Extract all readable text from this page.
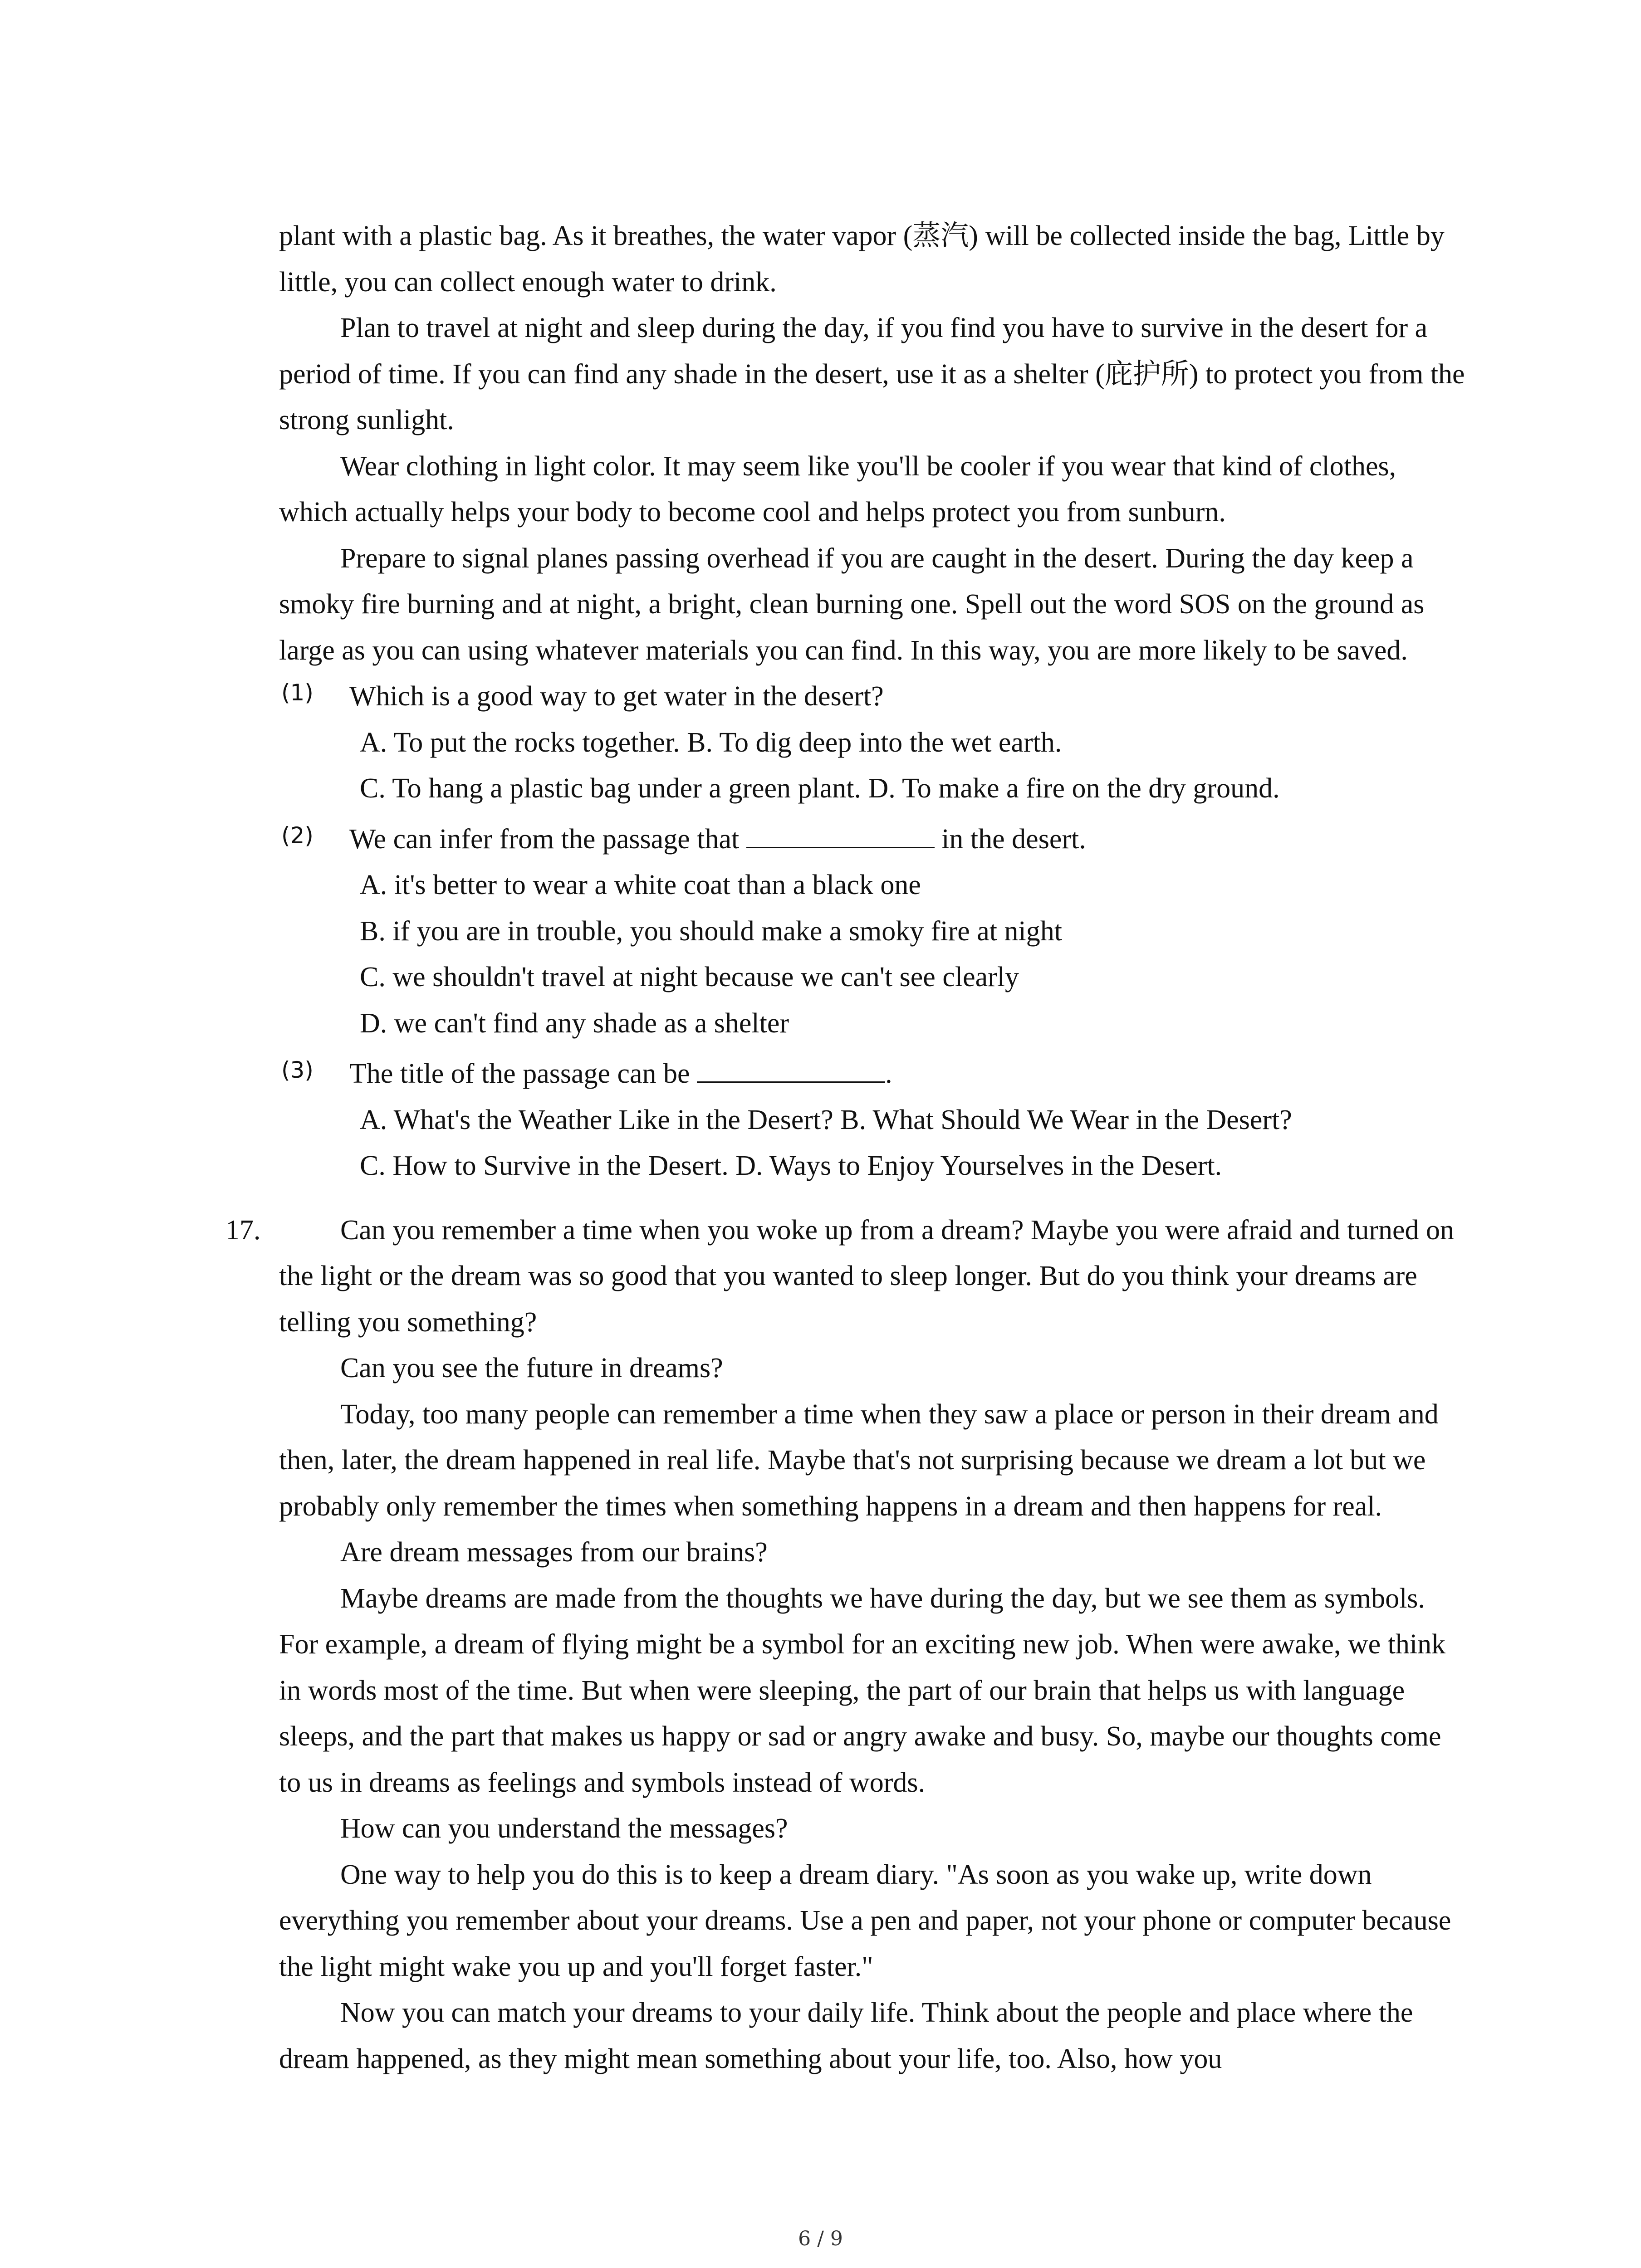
plant with a plastic bag. As it breathes, the water vapor (蒸汽) will be collected inside the bag, Little by little, you can collect enough water to drink.

Plan to travel at night and sleep during the day, if you find you have to survive in the desert for a period of time. If you can find any shade in the desert, use it as a shelter (庇护所) to protect you from the strong sunlight.

Wear clothing in light color. It may seem like you'll be cooler if you wear that kind of clothes, which actually helps your body to become cool and helps protect you from sunburn.

Prepare to signal planes passing overhead if you are caught in the desert. During the day keep a smoky fire burning and at night, a bright, clean burning one. Spell out the word SOS on the ground as large as you can using whatever materials you can find. In this way, you are more likely to be saved.

(1) Which is a good way to get water in the desert?

A. To put the rocks together. B. To dig deep into the wet earth.

C. To hang a plastic bag under a green plant. D. To make a fire on the dry ground.

(2) We can infer from the passage that	in the desert.

A. it's better to wear a white coat than a black one

B. if you are in trouble, you should make a smoky fire at night

C. we shouldn't travel at night because we can't see clearly

D. we can't find any shade as a shelter

(3) The title of the passage can be	.

A. What's the Weather Like in the Desert? B. What Should We Wear in the Desert?

C. How to Survive in the Desert. D. Ways to Enjoy Yourselves in the Desert.

17.	Can you remember a time when you woke up from a dream? Maybe you were afraid and turned on the light or the dream was so good that you wanted to sleep longer. But do you think your dreams are telling you something?

Can you see the future in dreams?

Today, too many people can remember a time when they saw a place or person in their dream and then, later, the dream happened in real life. Maybe that's not surprising because we dream a lot but we probably only remember the times when something happens in a dream and then happens for real.

Are dream messages from our brains?

Maybe dreams are made from the thoughts we have during the day, but we see them as symbols. For example, a dream of flying might be a symbol for an exciting new job. When were awake, we think in words most of the time. But when were sleeping, the part of our brain that helps us with language sleeps, and the part that makes us happy or sad or angry awake and busy. So, maybe our thoughts come to us in dreams as feelings and symbols instead of words.

How can you understand the messages?

One way to help you do this is to keep a dream diary. "As soon as you wake up, write down everything you remember about your dreams. Use a pen and paper, not your phone or computer because the light might wake you up and you'll forget faster."

Now you can match your dreams to your daily life. Think about the people and place where the dream happened, as they might mean something about your life, too. Also, how you

6 / 9
